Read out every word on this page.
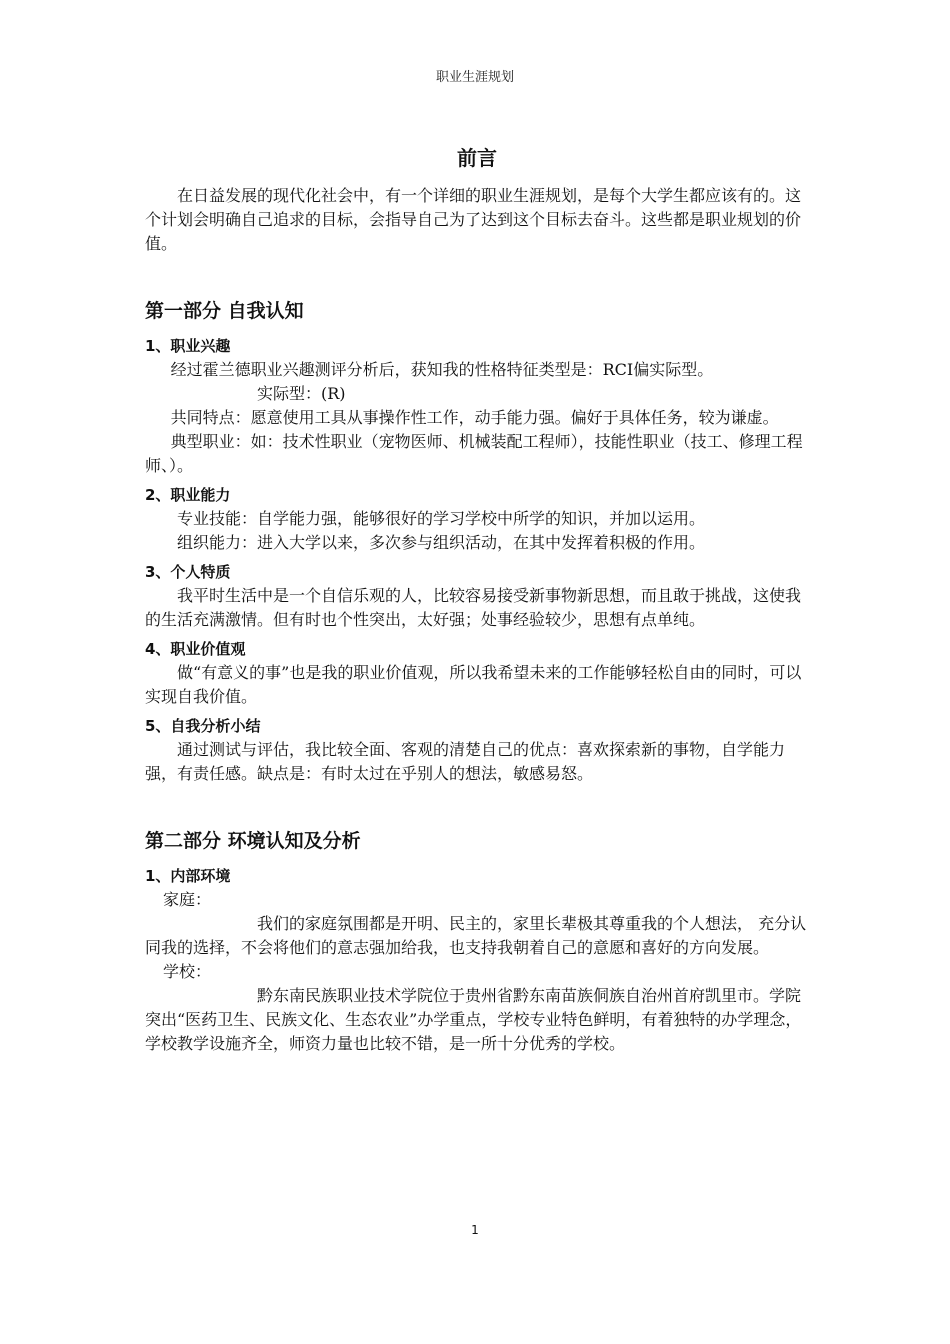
职业生涯规划
前言

在日益发展的现代化社会中，有一个详细的职业生涯规划，是每个大学生都应该有的。这个计划会明确自己追求的目标，会指导自己为了达到这个目标去奋斗。这些都是职业规划的价值。

第一部分 自我认知
1、职业兴趣

经过霍兰德职业兴趣测评分析后，获知我的性格特征类型是：RCI偏实际型。

实际型：(R)

共同特点：愿意使用工具从事操作性工作，动手能力强。偏好于具体任务，较为谦虚。

典型职业：如：技术性职业（宠物医师、机械装配工程师），技能性职业（技工、修理工程师、）。

2、职业能力

专业技能：自学能力强，能够很好的学习学校中所学的知识，并加以运用。

组织能力：进入大学以来，多次参与组织活动，在其中发挥着积极的作用。

3、个人特质

我平时生活中是一个自信乐观的人，比较容易接受新事物新思想，而且敢于挑战，这使我的生活充满激情。但有时也个性突出，太好强；处事经验较少，思想有点单纯。

4、职业价值观

做“有意义的事”也是我的职业价值观，所以我希望未来的工作能够轻松自由的同时，可以实现自我价值。

5、自我分析小结

通过测试与评估，我比较全面、客观的清楚自己的优点：喜欢探索新的事物，自学能力强，有责任感。缺点是：有时太过在乎别人的想法，敏感易怒。

第二部分 环境认知及分析
1、内部环境

家庭：

我们的家庭氛围都是开明、民主的，家里长辈极其尊重我的个人想法， 充分认同我的选择，不会将他们的意志强加给我，也支持我朝着自己的意愿和喜好的方向发展。

学校：

黔东南民族职业技术学院位于贵州省黔东南苗族侗族自治州首府凯里市。学院突出“医药卫生、民族文化、生态农业”办学重点，学校专业特色鲜明，有着独特的办学理念，学校教学设施齐全，师资力量也比较不错，是一所十分优秀的学校。

1
